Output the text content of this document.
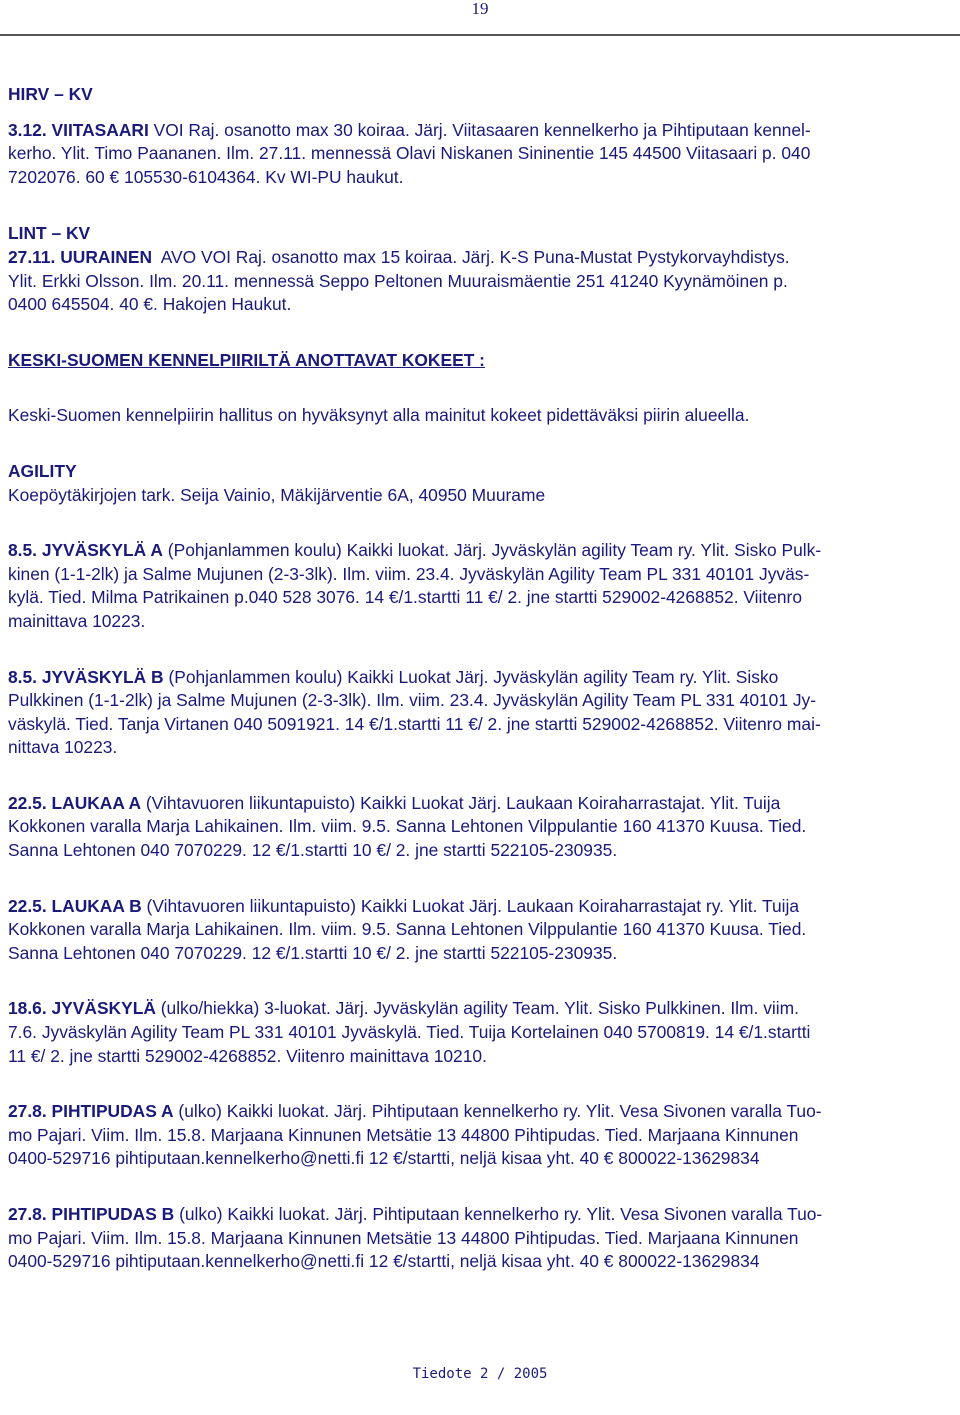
19

HIRV – KV

3.12. VIITASAARI VOI Raj. osanotto max 30 koiraa. Järj. Viitasaaren kennelkerho ja Pihtiputaan kennel-
kerho. Ylit. Timo Paananen. Ilm. 27.11. mennessä Olavi Niskanen Sininentie 145 44500 Viitasaari p. 040
7202076. 60 € 105530-6104364. Kv WI-PU haukut.

LINT – KV

27.11. UURAINEN AVO VOI Raj. osanotto max 15 koiraa. Järj. K-S Puna-Mustat Pystykorvayhdistys.
Ylit. Erkki Olsson. Ilm. 20.11. mennessä Seppo Peltonen Muuraismäentie 251 41240 Kyynämöinen p.
0400 645504. 40 €. Hakojen Haukut.

KESKI-SUOMEN KENNELPIIRILTÄ ANOTTAVAT KOKEET :

Keski-Suomen kennelpiirin hallitus on hyväksynyt alla mainitut kokeet pidettäväksi piirin alueella.

AGILITY

Koepöytäkirjojen tark. Seija Vainio, Mäkijärventie 6A, 40950 Muurame

8.5. JYVÄSKYLÄ A (Pohjanlammen koulu) Kaikki luokat. Järj. Jyväskylän agility Team ry. Ylit. Sisko Pulk-
kinen (1-1-2lk) ja Salme Mujunen (2-3-3lk). Ilm. viim. 23.4. Jyväskylän Agility Team PL 331 40101 Jyväs-
kylä. Tied. Milma Patrikainen p.040 528 3076. 14 €/1.startti 11 €/ 2. jne startti 529002-4268852. Viitenro
mainittava 10223.

8.5. JYVÄSKYLÄ B (Pohjanlammen koulu) Kaikki Luokat Järj. Jyväskylän agility Team ry. Ylit. Sisko
Pulkkinen (1-1-2lk) ja Salme Mujunen (2-3-3lk). Ilm. viim. 23.4. Jyväskylän Agility Team PL 331 40101 Jy-
väskylä. Tied. Tanja Virtanen 040 5091921. 14 €/1.startti 11 €/ 2. jne startti 529002-4268852. Viitenro mai-
nittava 10223.

22.5. LAUKAA A (Vihtavuoren liikuntapuisto) Kaikki Luokat Järj. Laukaan Koiraharrastajat. Ylit. Tuija
Kokkonen varalla Marja Lahikainen. Ilm. viim. 9.5. Sanna Lehtonen Vilppulantie 160 41370 Kuusa. Tied.
Sanna Lehtonen 040 7070229. 12 €/1.startti 10 €/ 2. jne startti 522105-230935.

22.5. LAUKAA B (Vihtavuoren liikuntapuisto) Kaikki Luokat Järj. Laukaan Koiraharrastajat ry. Ylit. Tuija
Kokkonen varalla Marja Lahikainen. Ilm. viim. 9.5. Sanna Lehtonen Vilppulantie 160 41370 Kuusa. Tied.
Sanna Lehtonen 040 7070229. 12 €/1.startti 10 €/ 2. jne startti 522105-230935.

18.6. JYVÄSKYLÄ (ulko/hiekka) 3-luokat. Järj. Jyväskylän agility Team. Ylit. Sisko Pulkkinen. Ilm. viim.
7.6. Jyväskylän Agility Team PL 331 40101 Jyväskylä. Tied. Tuija Kortelainen 040 5700819. 14 €/1.startti
11 €/ 2. jne startti 529002-4268852. Viitenro mainittava 10210.

27.8. PIHTIPUDAS A (ulko) Kaikki luokat. Järj. Pihtiputaan kennelkerho ry. Ylit. Vesa Sivonen varalla Tuo-
mo Pajari. Viim. Ilm. 15.8. Marjaana Kinnunen Metsätie 13 44800 Pihtipudas. Tied. Marjaana Kinnunen
0400-529716 pihtiputaan.kennelkerho@netti.fi 12 €/startti, neljä kisaa yht. 40 € 800022-13629834

27.8. PIHTIPUDAS B (ulko) Kaikki luokat. Järj. Pihtiputaan kennelkerho ry. Ylit. Vesa Sivonen varalla Tuo-
mo Pajari. Viim. Ilm. 15.8. Marjaana Kinnunen Metsätie 13 44800 Pihtipudas. Tied. Marjaana Kinnunen
0400-529716 pihtiputaan.kennelkerho@netti.fi 12 €/startti, neljä kisaa yht. 40 € 800022-13629834

Tiedote 2 / 2005
